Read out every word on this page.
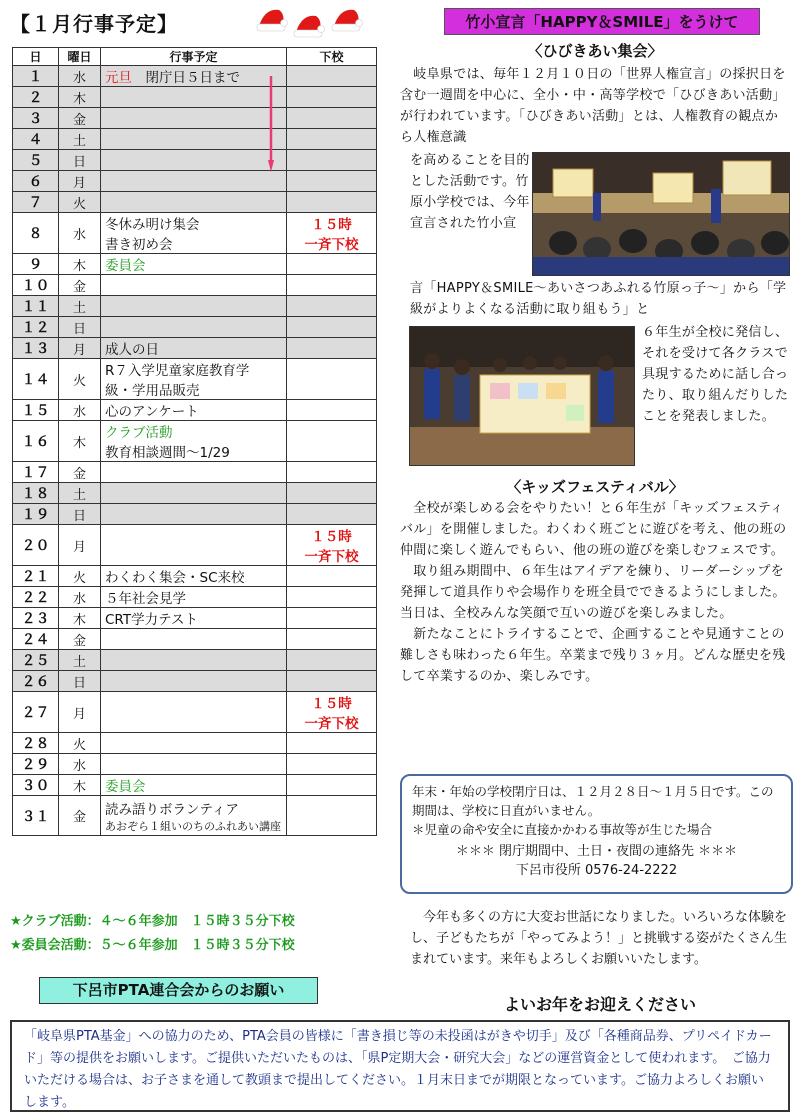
【１月行事予定】
日	曜日	行事予定	下校
１	水	元旦　閉庁日５日まで	
２	木		
３	金		
４	土		
５	日		
６	月		
７	火		
８	水	冬休み明け集会
書き初め会	１５時
一斉下校
９	木	委員会	
１０	金		
１１	土		
１２	日		
１３	月	成人の日	
１４	火	R７入学児童家庭教育学
級・学用品販売	
１５	水	心のアンケート	
１６	木	クラブ活動
教育相談週間～1/29	
１７	金		
１８	土		
１９	日		
２０	月		１５時
一斉下校
２１	火	わくわく集会・SC来校	
２２	水	５年社会見学	
２３	木	CRT学力テスト	
２４	金		
２５	土		
２６	日		
２７	月		１５時
一斉下校
２８	火		
２９	水		
３０	木	委員会	
３１	金	読み語りボランティア
あおぞら１組いのちのふれあい講座	
★クラブ活動：４～６年参加　１５時３５分下校
★委員会活動：５～６年参加　１５時３５分下校
下呂市PTA連合会からのお願い
「岐阜県PTA基金」への協力のため、PTA会員の皆様に「書き損じ等の未投函はがきや切手」及び「各種商品券、プリペイドカード」等の提供をお願いします。ご提供いただいたものは、「県P定期大会・研究大会」などの運営資金として使われます。　ご協力いただける場合は、お子さまを通して教頭まで提出してください。１月末日までが期限となっています。ご協力よろしくお願いします。
竹小宣言「HAPPY＆SMILE」をうけて
〈ひびきあい集会〉
　岐阜県では、毎年１２月１０日の「世界人権宣言」の採択日を含む一週間を中心に、全小・中・高等学校で「ひびきあい活動」が行われています。「ひびきあい活動」とは、人権教育の観点から人権意識
を高めることを目的とした活動です。竹原小学校では、今年宣言された竹小宣
言「HAPPY＆SMILE～あいさつあふれる竹原っ子～」から「学級がよりよくなる活動に取り組もう」と
６年生が全校に発信し、それを受けて各クラスで具現するために話し合ったり、取り組んだりしたことを発表しました。
〈キッズフェスティバル〉
　全校が楽しめる会をやりたい！と６年生が「キッズフェスティバル」を開催しました。わくわく班ごとに遊びを考え、他の班の仲間に楽しく遊んでもらい、他の班の遊びを楽しむフェスです。
　取り組み期間中、６年生はアイデアを練り、リーダーシップを発揮して道具作りや会場作りを班全員でできるようにしました。当日は、全校みんな笑顔で互いの遊びを楽しみました。
　新たなことにトライすることで、企画することや見通すことの難しさも味わった６年生。卒業まで残り３ヶ月。どんな歴史を残して卒業するのか、楽しみです。
年末・年始の学校閉庁日は、１２月２８日～１月５日です。この期間は、学校に日直がいません。
＊児童の命や安全に直接かかわる事故等が生じた場合
＊＊＊ 閉庁期間中、土日・夜間の連絡先 ＊＊＊
下呂市役所 0576-24-2222
　今年も多くの方に大変お世話になりました。いろいろな体験をし、子どもたちが「やってみよう！」と挑戦する姿がたくさん生まれています。来年もよろしくお願いいたします。
よいお年をお迎えください
